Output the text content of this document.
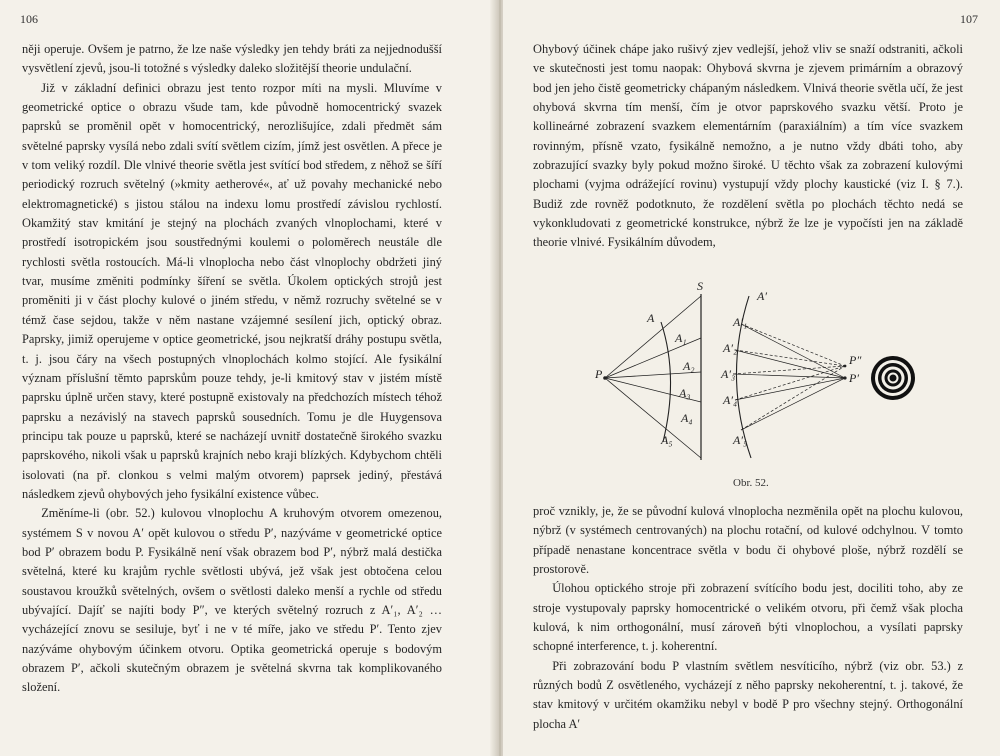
106

něji operuje. Ovšem je patrno, že lze naše výsledky jen tehdy bráti za nejjednodušší vysvětlení zjevů, jsou-li totožné s výsledky daleko složitější theorie undulační.

Již v základní definici obrazu jest tento rozpor míti na mysli. Mluvíme v geometrické optice o obrazu všude tam, kde původně homocentrický svazek paprsků se proměnil opět v homocentrický, nerozlišujíce, zdali předmět sám světelné paprsky vysílá nebo zdali svítí světlem cizím, jímž jest osvětlen. A přece je v tom veliký rozdíl. Dle vlnivé theorie světla jest svítící bod středem, z něhož se šíří periodický rozruch světelný (»kmity aetherové«, ať už povahy mechanické nebo elektromagnetické) s jistou stálou na indexu lomu prostředí závislou rychlostí. Okamžitý stav kmitání je stejný na plochách zvaných vlnoplochami, které v prostředí isotropickém jsou soustřednými koulemi o poloměrech neustále dle rychlosti světla rostoucích. Má-li vlnoplocha nebo část vlnoplochy obdržeti jiný tvar, musíme změniti podmínky šíření se světla. Úkolem optických strojů jest proměniti ji v část plochy kulové o jiném středu, v němž rozruchy světelné se v témž čase sejdou, takže v něm nastane vzájemné sesílení jich, optický obraz. Paprsky, jimiž operujeme v optice geometrické, jsou nejkratší dráhy postupu světla, t. j. jsou čáry na všech postupných vlnoplochách kolmo stojící. Ale fysikální význam příslušní těmto paprskům pouze tehdy, je-li kmitový stav v jistém místě paprsku úplně určen stavy, které postupně existovaly na předchozích místech téhož paprsku a nezávislý na stavech paprsků sousedních. Tomu je dle Huygensova principu tak pouze u paprsků, které se nacházejí uvnitř dostatečně širokého svazku paprskového, nikoli však u paprsků krajních nebo kraji blízkých. Kdybychom chtěli isolovati (na př. clonkou s velmi malým otvorem) paprsek jediný, přestává následkem zjevů ohybových jeho fysikální existence vůbec.

Změníme-li (obr. 52.) kulovou vlnoplochu A kruhovým otvorem omezenou, systémem S v novou A′ opět kulovou o středu P′, nazýváme v geometrické optice bod P′ obrazem bodu P. Fysikálně není však obrazem bod P′, nýbrž malá destička světelná, které ku krajům rychle světlosti ubývá, jež však jest obtočena celou soustavou kroužků světelných, ovšem o světlosti daleko menší a rychle od středu ubývající. Dajíť se najíti body P″, ve kterých světelný rozruch z A′₁, A′₂ … vycházející znovu se sesiluje, byť i ne v té míře, jako ve středu P′. Tento zjev nazýváme ohybovým účinkem otvoru. Optika geometrická operuje s bodovým obrazem P′, ačkoli skutečným obrazem je světelná skvrna tak komplikovaného složení.

107

Ohybový účinek chápe jako rušivý zjev vedlejší, jehož vliv se snaží odstraniti, ačkoli ve skutečnosti jest tomu naopak: Ohybová skvrna je zjevem primárním a obrazový bod jen jeho čistě geometricky chápaným následkem. Vlnivá theorie světla učí, že jest ohybová skvrna tím menší, čím je otvor paprskového svazku větší. Proto je kollineárné zobrazení svazkem elementárním (paraxiálním) a tím více svazkem rovinným, přísně vzato, fysikálně nemožno, a je nutno vždy dbáti toho, aby zobrazující svazky byly pokud možno široké. U těchto však za zobrazení kulovými plochami (vyjma odrážející rovinu) vystupují vždy plochy kaustické (viz I. § 7.). Budiž zde rovněž podotknuto, že rozdělení světla po plochách těchto nedá se vykonkludovati z geometrické konstrukce, nýbrž že lze je vypočísti jen na základě theorie vlnivé. Fysikálním důvodem,

S
A
A₁
A₂
A₃
A₄
A₅
P
A′
A′₁
A′₂
A′₃
A′₄
A′₅
P″
P′
Obr. 52.

proč vznikly, je, že se původní kulová vlnoplocha nezměnila opět na plochu kulovou, nýbrž (v systémech centrovaných) na plochu rotační, od kulové odchylnou. V tomto případě nenastane koncentrace světla v bodu či ohybové ploše, nýbrž rozdělí se prostorově.

Úlohou optického stroje při zobrazení svítícího bodu jest, dociliti toho, aby ze stroje vystupovaly paprsky homocentrické o velikém otvoru, při čemž však plocha kulová, k nim orthogonální, musí zároveň býti vlnoplochou, a vysílati paprsky schopné interference, t. j. koherentní.

Při zobrazování bodu P vlastním světlem nesvíticího, nýbrž (viz obr. 53.) z různých bodů Z osvětleného, vycházejí z něho paprsky nekoherentní, t. j. takové, že stav kmitový v určitém okamžiku nebyl v bodě P pro všechny stejný. Orthogonální plocha A′
